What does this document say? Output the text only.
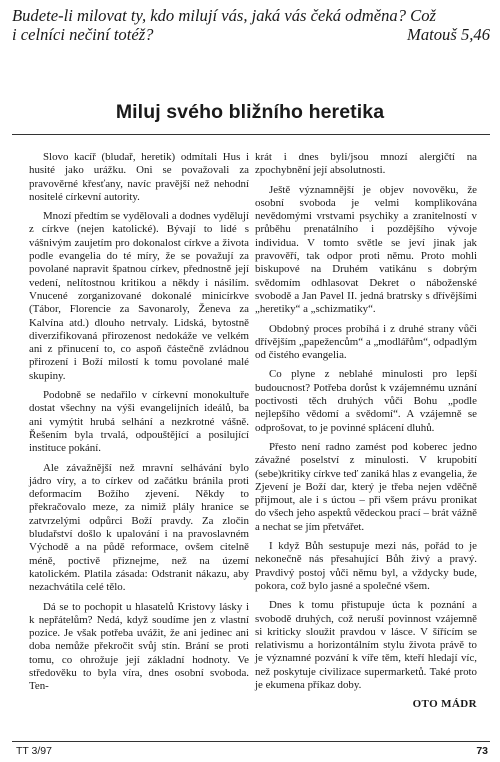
Budete-li milovat ty, kdo milují vás, jaká vás čeká odměna? Což
i celníci nečiní totéž?	Matouš 5,46
Miluj svého bližního heretika

Slovo kacíř (bludař, heretik) odmítali Hus i husité jako urážku. Oni se považovali za pravověrné křesťany, navíc pravější než nehodní nositelé církevní autority.

Mnozí předtím se vydělovali a dodnes vydělují z církve (nejen katolické). Bývají to lidé s vášnivým zaujetím pro dokonalost církve a života podle evangelia do té míry, že se považují za povolané napravit špatnou církev, přednostně její vedení, nelítostnou kritikou a někdy i násilím. Vnucené zorganizované dokonalé minicírkve (Tábor, Florencie za Savonaroly, Ženeva za Kalvína atd.) dlouho netrvaly. Lidská, bytostně diverzifikovaná přirozenost nedokáže ve velkém ani z přinucení to, co aspoň částečně zvládnou přirození i Boží milostí k tomu povolané malé skupiny.

Podobně se nedařilo v církevní monokultuře dostat všechny na výši evangelijních ideálů, ba ani vymýtit hrubá selhání a nezkrotné vášně. Řešením byla trvalá, odpouštějící a posilující instituce pokání.

Ale závažnější než mravní selhávání bylo jádro víry, a to církev od začátku bránila proti deformacím Božího zjevení. Někdy to překračovalo meze, za nimiž plály hranice se zatvrzelými odpůrci Boží pravdy. Za zločin bludařství došlo k upalování i na pravoslavném Východě a na půdě reformace, ovšem citelně méně, poctivě přiznejme, než na území katolickém. Platila zásada: Odstranit nákazu, aby nezachvátila celé tělo.

Dá se to pochopit u hlasatelů Kristovy lásky i k nepřátelům? Nedá, když soudíme jen z vlastní pozice. Je však potřeba uvážit, že ani jedinec ani doba nemůže překročit svůj stín. Brání se proti tomu, co ohrožuje její základní hodnoty. Ve středověku to byla víra, dnes osobní svoboda. Ten-

krát i dnes byli/jsou mnozí alergičtí na zpochybnění její absolutnosti.

Ještě významnější je objev novověku, že osobní svoboda je velmi komplikována nevědomými vrstvami psychiky a zranitelností v průběhu prenatálního i pozdějšího vývoje individua. V tomto světle se jeví jinak jak pravověří, tak odpor proti němu. Proto mohli biskupové na Druhém vatikánu s dobrým svědomím odhlasovat Dekret o náboženské svobodě a Jan Pavel II. jedná bratrsky s dřívějšími „heretiky“ a „schizmatiky“.

Obdobný proces probíhá i z druhé strany vůči dřívějším „papežencům“ a „modlářům“, odpadlým od čistého evangelia.

Co plyne z neblahé minulosti pro lepší budoucnost? Potřeba dorůst k vzájemnému uznání poctivosti těch druhých vůči Bohu „podle nejlepšího vědomí a svědomí“. A vzájemně se odprošovat, to je povinné splácení dluhů.

Přesto není radno zamést pod koberec jedno závažné poselství z minulosti. V krupobití (sebe)kritiky církve teď zaniká hlas z evangelia, že Zjevení je Boží dar, který je třeba nejen vděčně přijmout, ale i s úctou – při všem právu pronikat do všech jeho aspektů vědeckou prací – brát vážně a nechat se jím přetvářet.

I když Bůh sestupuje mezi nás, pořád to je nekonečně nás přesahující Bůh živý a pravý. Pravdivý postoj vůči němu byl, a vždycky bude, pokora, což bylo jasné a společné všem.

Dnes k tomu přistupuje úcta k poznání a svobodě druhých, což neruší povinnost vzájemně si kriticky sloužit pravdou v lásce. V šířícím se relativismu a horizontálním stylu života právě to je významné pozvání k víře těm, kteří hledají víc, než poskytuje civilizace supermarketů. Také proto je ekumena příkaz doby.

OTO MÁDR
TT 3/97	73
